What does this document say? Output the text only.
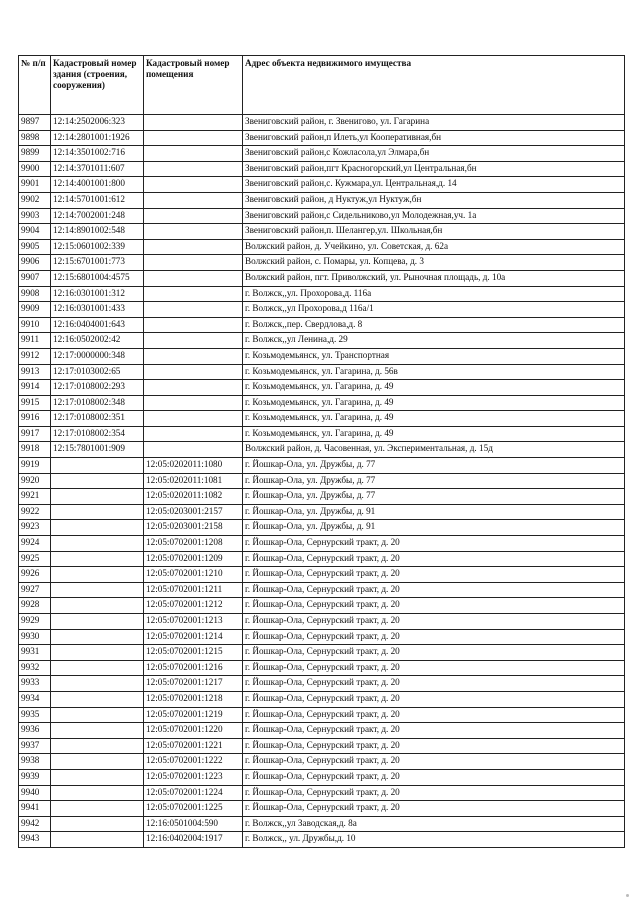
№ п/п	Кадастровый номер здания (строения, сооружения)	Кадастровый номер помещения	Адрес объекта недвижимого имущества
9897	12:14:2502006:323		Звениговский район, г. Звенигово, ул. Гагарина
9898	12:14:2801001:1926		Звениговский район,п Илеть,ул Кооперативная,бн
9899	12:14:3501002:716		Звениговский район,с Кожласола,ул Элмара,бн
9900	12:14:3701011:607		Звениговский район,пгт Красногорский,ул Центральная,бн
9901	12:14:4001001:800		Звениговский район,с. Кужмара,ул. Центральная,д. 14
9902	12:14:5701001:612		Звениговский район, д Нуктуж,ул Нуктуж,бн
9903	12:14:7002001:248		Звениговский район,с Сидельниково,ул Молодежная,уч. 1а
9904	12:14:8901002:548		Звениговский район,п. Шелангер,ул. Школьная,бн
9905	12:15:0601002:339		Волжский район, д. Учейкино, ул. Советская, д. 62а
9906	12:15:6701001:773		Волжский район, с. Помары, ул. Копцева, д. 3
9907	12:15:6801004:4575		Волжский район, пгт. Приволжский, ул. Рыночная площадь, д. 10а
9908	12:16:0301001:312		г. Волжск,,ул. Прохорова,д. 116а
9909	12:16:0301001:433		г. Волжск,,ул Прохорова,д 116а/1
9910	12:16:0404001:643		г. Волжск,,пер. Свердлова,д. 8
9911	12:16:0502002:42		г. Волжск,,ул Ленина,д. 29
9912	12:17:0000000:348		г. Козьмодемьянск, ул. Транспортная
9913	12:17:0103002:65		г. Козьмодемьянск, ул. Гагарина, д. 56в
9914	12:17:0108002:293		г. Козьмодемьянск, ул. Гагарина, д. 49
9915	12:17:0108002:348		г. Козьмодемьянск, ул. Гагарина, д. 49
9916	12:17:0108002:351		г. Козьмодемьянск, ул. Гагарина, д. 49
9917	12:17:0108002:354		г. Козьмодемьянск, ул. Гагарина, д. 49
9918	12:15:7801001:909		Волжский район, д. Часовенная, ул. Экспериментальная, д. 15д
9919		12:05:0202011:1080	г. Йошкар-Ола, ул. Дружбы, д. 77
9920		12:05:0202011:1081	г. Йошкар-Ола, ул. Дружбы, д. 77
9921		12:05:0202011:1082	г. Йошкар-Ола, ул. Дружбы, д. 77
9922		12:05:0203001:2157	г. Йошкар-Ола, ул. Дружбы, д. 91
9923		12:05:0203001:2158	г. Йошкар-Ола, ул. Дружбы, д. 91
9924		12:05:0702001:1208	г. Йошкар-Ола, Сернурский тракт, д. 20
9925		12:05:0702001:1209	г. Йошкар-Ола, Сернурский тракт, д. 20
9926		12:05:0702001:1210	г. Йошкар-Ола, Сернурский тракт, д. 20
9927		12:05:0702001:1211	г. Йошкар-Ола, Сернурский тракт, д. 20
9928		12:05:0702001:1212	г. Йошкар-Ола, Сернурский тракт, д. 20
9929		12:05:0702001:1213	г. Йошкар-Ола, Сернурский тракт, д. 20
9930		12:05:0702001:1214	г. Йошкар-Ола, Сернурский тракт, д. 20
9931		12:05:0702001:1215	г. Йошкар-Ола, Сернурский тракт, д. 20
9932		12:05:0702001:1216	г. Йошкар-Ола, Сернурский тракт, д. 20
9933		12:05:0702001:1217	г. Йошкар-Ола, Сернурский тракт, д. 20
9934		12:05:0702001:1218	г. Йошкар-Ола, Сернурский тракт, д. 20
9935		12:05:0702001:1219	г. Йошкар-Ола, Сернурский тракт, д. 20
9936		12:05:0702001:1220	г. Йошкар-Ола, Сернурский тракт, д. 20
9937		12:05:0702001:1221	г. Йошкар-Ола, Сернурский тракт, д. 20
9938		12:05:0702001:1222	г. Йошкар-Ола, Сернурский тракт, д. 20
9939		12:05:0702001:1223	г. Йошкар-Ола, Сернурский тракт, д. 20
9940		12:05:0702001:1224	г. Йошкар-Ола, Сернурский тракт, д. 20
9941		12:05:0702001:1225	г. Йошкар-Ола, Сернурский тракт, д. 20
9942		12:16:0501004:590	г. Волжск,,ул Заводская,д. 8а
9943		12:16:0402004:1917	г. Волжск,, ул. Дружбы,д. 10
